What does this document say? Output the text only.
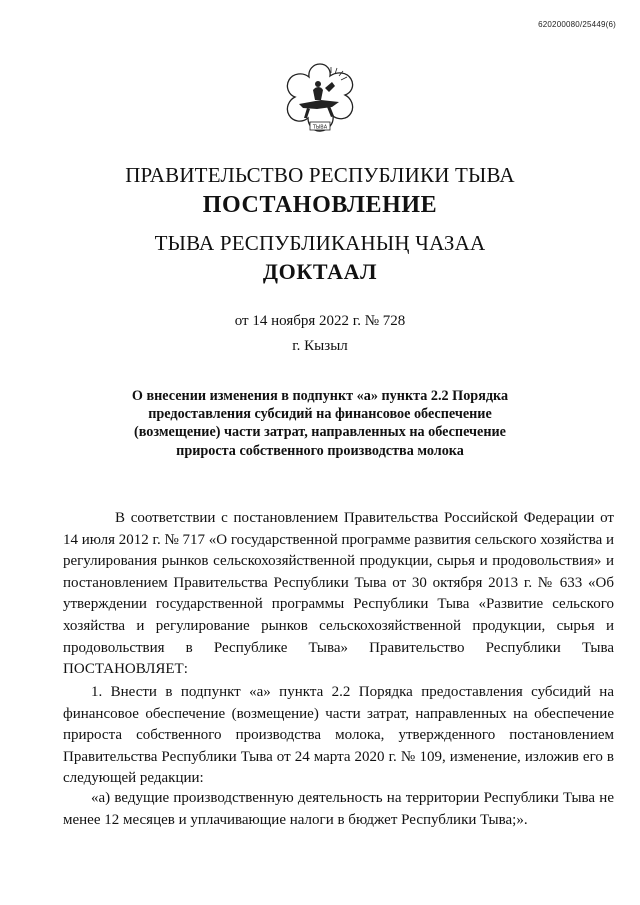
620200080/25449(6)
ТЫВА
ПРАВИТЕЛЬСТВО РЕСПУБЛИКИ ТЫВА
ПОСТАНОВЛЕНИЕ
ТЫВА РЕСПУБЛИКАНЫҢ ЧАЗАА
ДОКТААЛ
от 14 ноября 2022 г. № 728
г. Кызыл
О внесении изменения в подпункт «а» пункта 2.2 Порядка предоставления субсидий на финансовое обеспечение (возмещение) части затрат, направленных на обеспечение прироста собственного производства молока

В соответствии с постановлением Правительства Российской Федерации от 14 июля 2012 г. № 717 «О государственной программе развития сельского хозяйства и регулирования рынков сельскохозяйственной продукции, сырья и продовольствия» и постановлением Правительства Республики Тыва от 30 октября 2013 г. № 633 «Об утверждении государственной программы Республики Тыва «Развитие сельского хозяйства и регулирование рынков сельскохозяйственной продукции, сырья и продовольствия в Республике Тыва» Правительство Республики Тыва ПОСТАНОВЛЯЕТ:

1. Внести в подпункт «а» пункта 2.2 Порядка предоставления субсидий на финансовое обеспечение (возмещение) части затрат, направленных на обеспечение прироста собственного производства молока, утвержденного постановлением Правительства Республики Тыва от 24 марта 2020 г. № 109, изменение, изложив его в следующей редакции:

«а) ведущие производственную деятельность на территории Республики Тыва не менее 12 месяцев и уплачивающие налоги в бюджет Республики Тыва;».
